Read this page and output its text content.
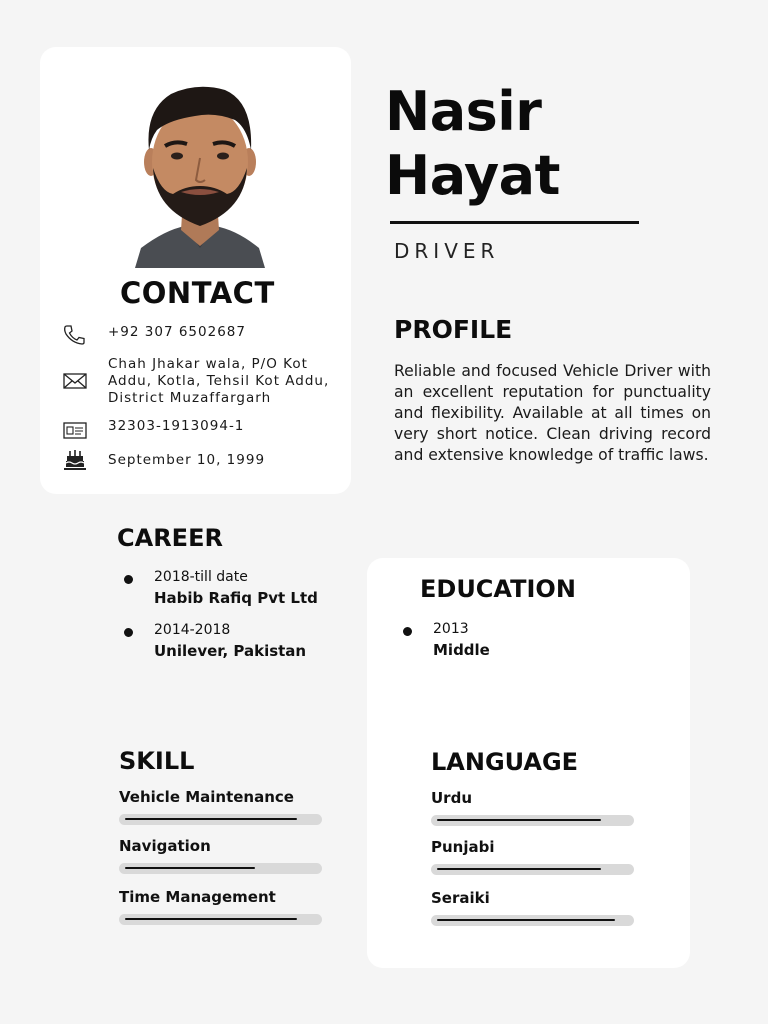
CONTACT
+92 307 6502687
Chah Jhakar wala, P/O Kot
Addu, Kotla, Tehsil Kot Addu,
District Muzaffargarh
32303-1913094-1
September 10, 1999
Nasir
Hayat
DRIVER
PROFILE
Reliable and focused Vehicle Driver with an excellent reputation for punctuality and flexibility. Available at all times on very short notice. Clean driving record and extensive knowledge of traffic laws.
CAREER
2018-till date
Habib Rafiq Pvt Ltd
2014-2018
Unilever, Pakistan
EDUCATION
2013
Middle
SKILL
Vehicle Maintenance
Navigation
Time Management
LANGUAGE
Urdu
Punjabi
Seraiki
